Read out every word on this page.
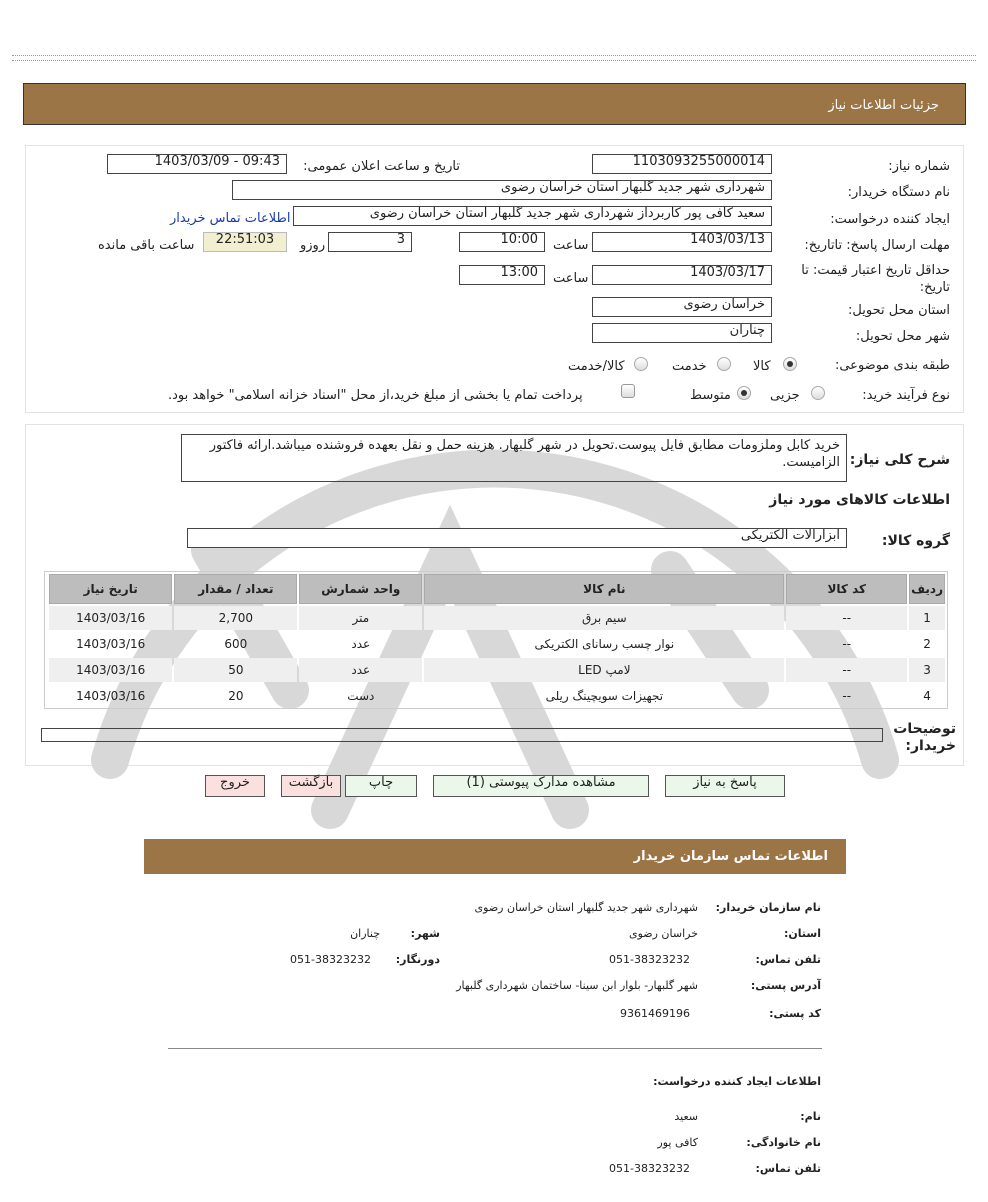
جزئیات اطلاعات نیاز
شماره نیاز:
1103093255000014
تاریخ و ساعت اعلان عمومی:
1403/03/09 - 09:43
نام دستگاه خریدار:
شهرداری شهر جدید گلبهار استان خراسان رضوی
ایجاد کننده درخواست:
سعید کافی پور کاربرداز شهرداری شهر جدید گلبهار استان خراسان رضوی
اطلاعات تماس خریدار
مهلت ارسال پاسخ: تاتاریخ:
1403/03/13
ساعت
10:00
3
روزو
22:51:03
ساعت باقی مانده
حداقل تاریخ اعتبار قیمت: تا تاریخ:
1403/03/17
ساعت
13:00
استان محل تحویل:
خراسان رضوی
شهر محل تحویل:
چناران
طبقه بندی موضوعی:
کالا
خدمت
کالا/خدمت
نوع فرآیند خرید:
جزیی
متوسط
پرداخت تمام یا بخشی از مبلغ خرید،از محل "اسناد خزانه اسلامی" خواهد بود.
شرح کلی نیاز:
خرید کابل وملزومات مطابق فایل پیوست.تحویل در شهر گلبهار. هزینه حمل و نقل بعهده فروشنده میباشد.ارائه فاکتور الزامیست.
اطلاعات کالاهای مورد نیاز
گروه کالا:
ابزارالات الکتریکی
ردیف	کد کالا	نام کالا	واحد شمارش	تعداد / مقدار	تاریخ نیاز
1	--	سیم برق	متر	2,700	1403/03/16
2	--	نوار چسب رسانای الکتریکی	عدد	600	1403/03/16
3	--	لامپ LED	عدد	50	1403/03/16
4	--	تجهیزات سویچینگ ریلی	دست	20	1403/03/16
توضیحات خریدار:
پاسخ به نیاز
مشاهده مدارک پیوستی (1)
چاپ
بازگشت
خروج
اطلاعات تماس سازمان خریدار
نام سازمان خریدار:
شهرداری شهر جدید گلبهار استان خراسان رضوی
استان:
خراسان رضوی
شهر:
چناران
تلفن تماس:
051-38323232
دورنگار:
051-38323232
آدرس پستی:
شهر گلبهار- بلوار ابن سینا- ساختمان شهرداری گلبهار
کد پستی:
9361469196
اطلاعات ایجاد کننده درخواست:
نام:
سعید
نام خانوادگی:
کافی پور
تلفن تماس:
051-38323232
